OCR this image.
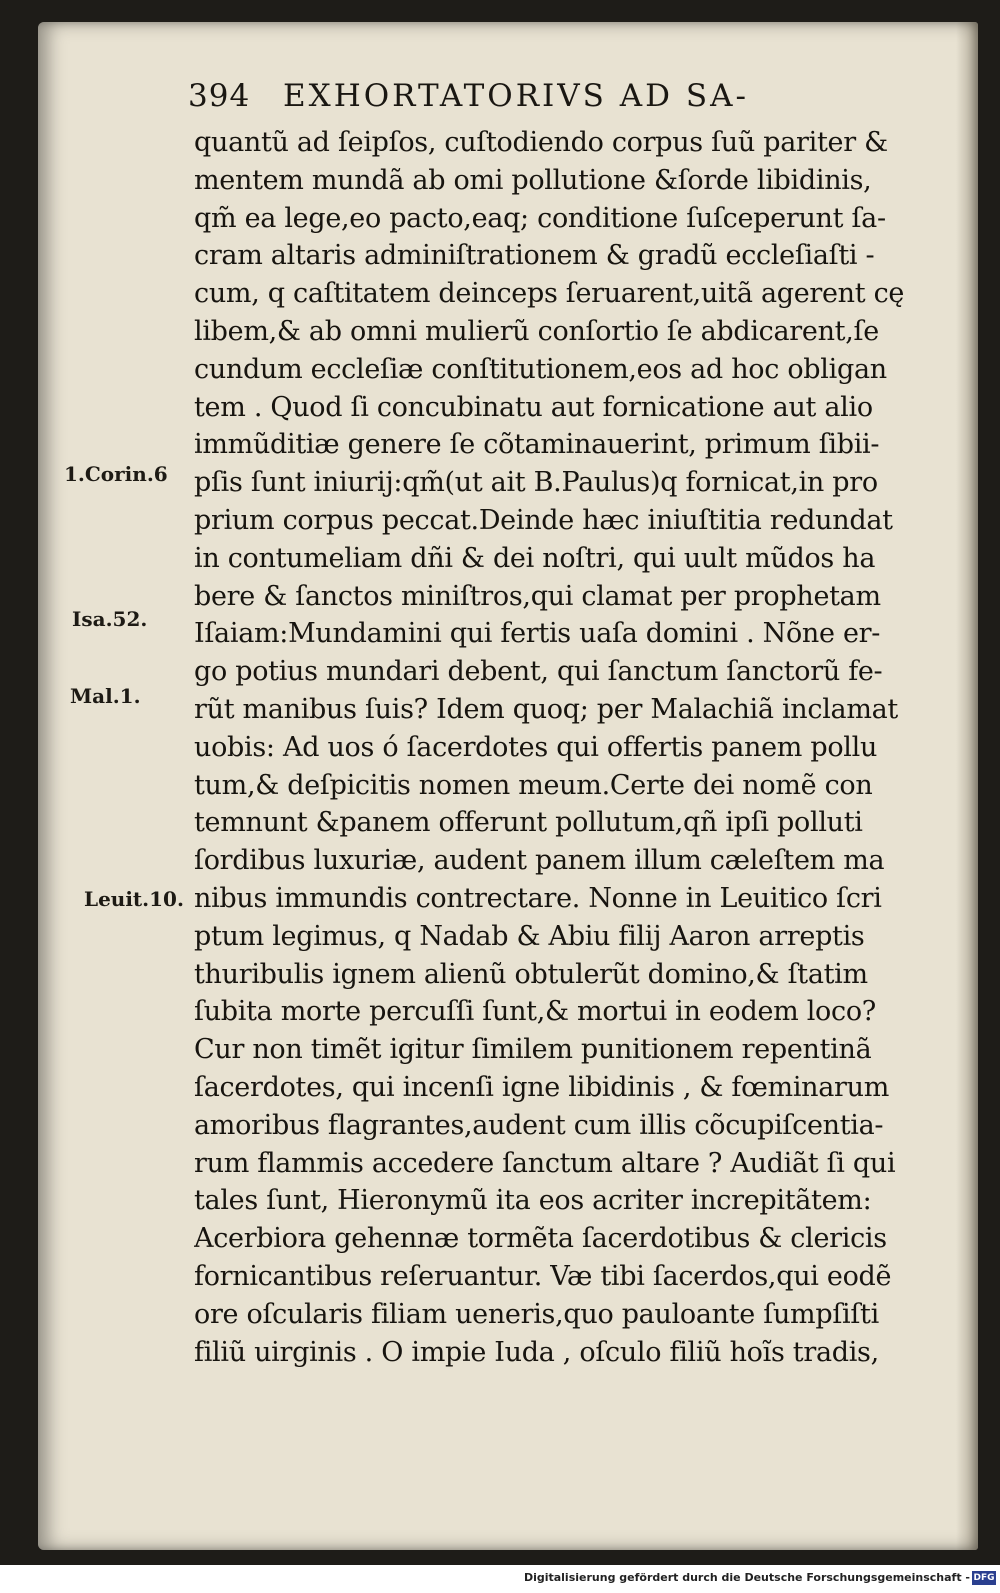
394 EXHORTATORIVS AD SA-
1.Corin.6
Isa.52.
Mal.1.
Leuit.10.
quantũ ad ſeipſos, cuſtodiendo corpus ſuũ pariter &
mentem mundã ab omi pollutione &ſorde libidinis,
qm̃ ea lege,eo pacto,eaq; conditione ſuſceperunt ſa-
cram altaris adminiſtrationem & gradũ eccleſiaſti -
cum, q caſtitatem deinceps ſeruarent,uitã agerent cę
libem,& ab omni mulierũ conſortio ſe abdicarent,ſe
cundum eccleſiæ conſtitutionem,eos ad hoc obligan
tem . Quod ſi concubinatu aut fornicatione aut alio
immũditiæ genere ſe cõtaminauerint, primum ſibiі-
pſis ſunt iniurij:qm̃(ut ait B.Paulus)q fornicat,in pro
prium corpus peccat.Deinde hæc iniuſtitia redundat
in contumeliam dñi & dei noſtri, qui uult mũdos ha
bere & ſanctos miniſtros,qui clamat per prophetam
Iſaiam:Mundamini qui fertis uaſa domini . Nõne er-
go potius mundari debent, qui ſanctum ſanctorũ fe-
rũt manibus ſuis? Idem quoq; per Malachiã inclamat
uobis: Ad uos ó ſacerdotes qui offertis panem pollu
tum,& deſpicitis nomen meum.Certe dei nomẽ con
temnunt &panem offerunt pollutum,qñ ipſi polluti
ſordibus luxuriæ, audent panem illum cæleſtem ma
nibus immundis contrectare. Nonne in Leuitico ſcri
ptum legimus, q Nadab & Abiu filij Aaron arreptis
thuribulis ignem alienũ obtulerũt domino,& ſtatim
ſubita morte percuſſi ſunt,& mortui in eodem loco?
Cur non timẽt igitur ſimilem punitionem repentinã
ſacerdotes, qui incenſi igne libidinis , & fœminarum
amoribus flagrantes,audent cum illis cõcupiſcentia-
rum flammis accedere ſanctum altare ? Audiãt ſi qui
tales ſunt, Hieronymũ ita eos acriter increpitãtem:
Acerbiora gehennæ tormẽta ſacerdotibus & clericis
fornicantibus reſeruantur. Væ tibi ſacerdos,qui eodẽ
ore oſcularis filiam ueneris,quo pauloante ſumpſiſti
filiũ uirginis . O impie Iuda , oſculo filiũ hoĩs tradis,
Digitalisierung gefördert durch die Deutsche Forschungsgemeinschaft - DFG
